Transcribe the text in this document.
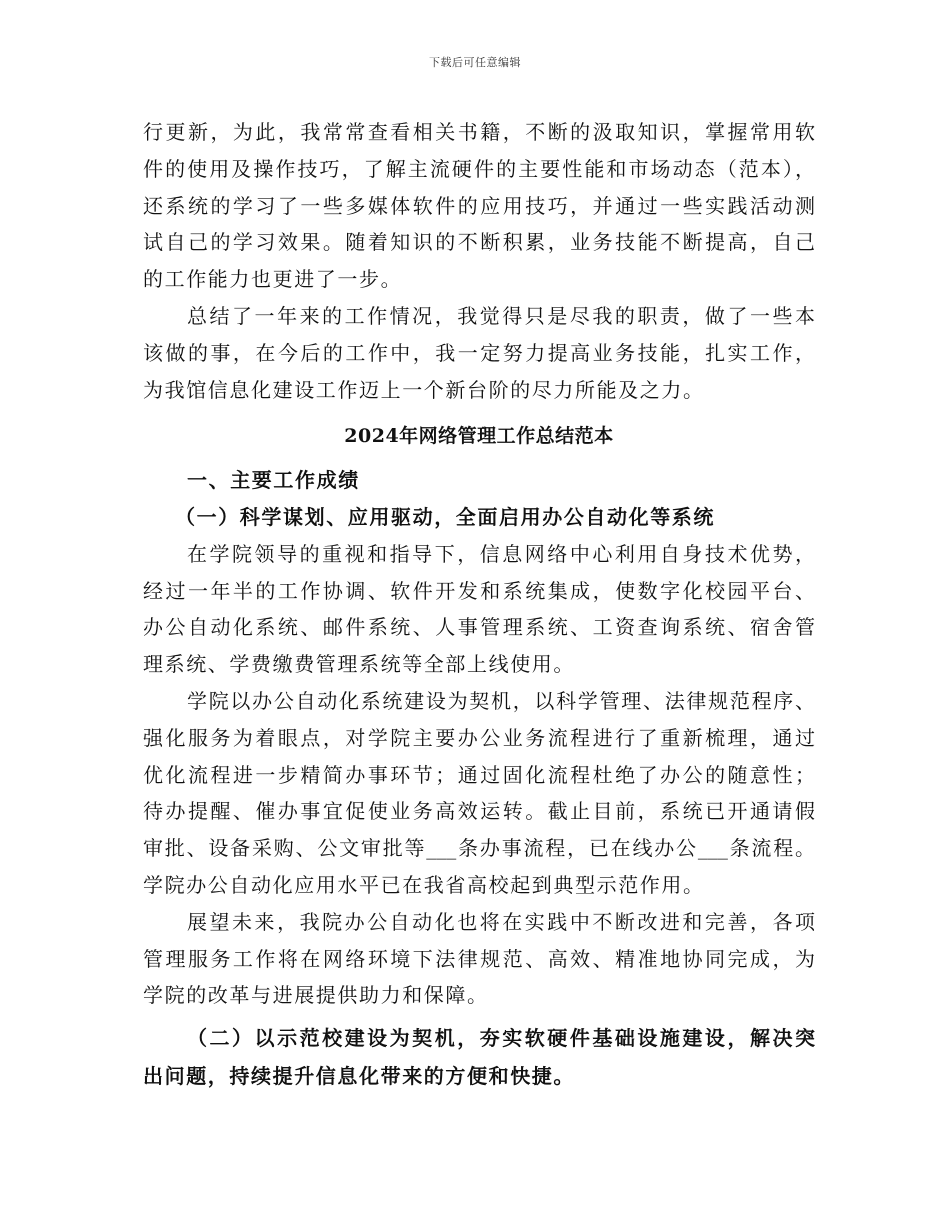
下载后可任意编辑
行更新，为此，我常常查看相关书籍，不断的汲取知识，掌握常用软
件的使用及操作技巧，了解主流硬件的主要性能和市场动态（范本），
还系统的学习了一些多媒体软件的应用技巧，并通过一些实践活动测
试自己的学习效果。随着知识的不断积累，业务技能不断提高，自己
的工作能力也更进了一步。
总结了一年来的工作情况，我觉得只是尽我的职责，做了一些本
该做的事，在今后的工作中，我一定努力提高业务技能，扎实工作，
为我馆信息化建设工作迈上一个新台阶的尽力所能及之力。
2024年网络管理工作总结范本
一、主要工作成绩
（一）科学谋划、应用驱动，全面启用办公自动化等系统
在学院领导的重视和指导下，信息网络中心利用自身技术优势，
经过一年半的工作协调、软件开发和系统集成，使数字化校园平台、
办公自动化系统、邮件系统、人事管理系统、工资查询系统、宿舍管
理系统、学费缴费管理系统等全部上线使用。
学院以办公自动化系统建设为契机，以科学管理、法律规范程序、
强化服务为着眼点，对学院主要办公业务流程进行了重新梳理，通过
优化流程进一步精简办事环节；通过固化流程杜绝了办公的随意性；
待办提醒、催办事宜促使业务高效运转。截止目前，系统已开通请假
审批、设备采购、公文审批等___条办事流程，已在线办公___条流程。
学院办公自动化应用水平已在我省高校起到典型示范作用。
展望未来，我院办公自动化也将在实践中不断改进和完善，各项
管理服务工作将在网络环境下法律规范、高效、精准地协同完成，为
学院的改革与进展提供助力和保障。
（二）以示范校建设为契机，夯实软硬件基础设施建设，解决突
出问题，持续提升信息化带来的方便和快捷。
